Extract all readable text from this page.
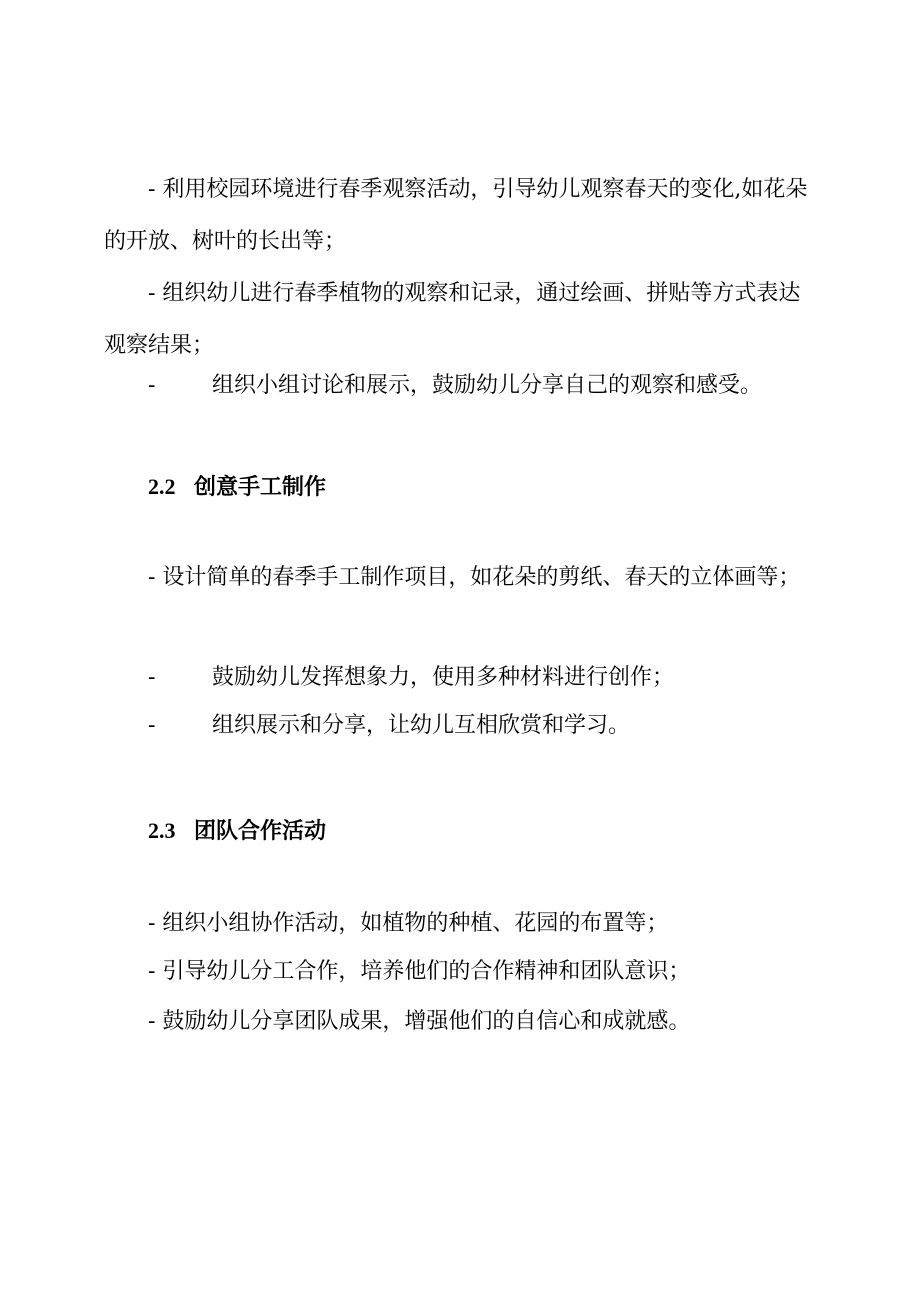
- 利用校园环境进行春季观察活动，引导幼儿观察春天的变化,如花朵的开放、树叶的长出等；

- 组织幼儿进行春季植物的观察和记录，通过绘画、拼贴等方式表达观察结果；

-	组织小组讨论和展示，鼓励幼儿分享自己的观察和感受。
2.2 创意手工制作

- 设计简单的春季手工制作项目，如花朵的剪纸、春天的立体画等；

-	鼓励幼儿发挥想象力，使用多种材料进行创作；
-	组织展示和分享，让幼儿互相欣赏和学习。
2.3 团队合作活动
- 组织小组协作活动，如植物的种植、花园的布置等；
- 引导幼儿分工合作，培养他们的合作精神和团队意识；
- 鼓励幼儿分享团队成果，增强他们的自信心和成就感。
